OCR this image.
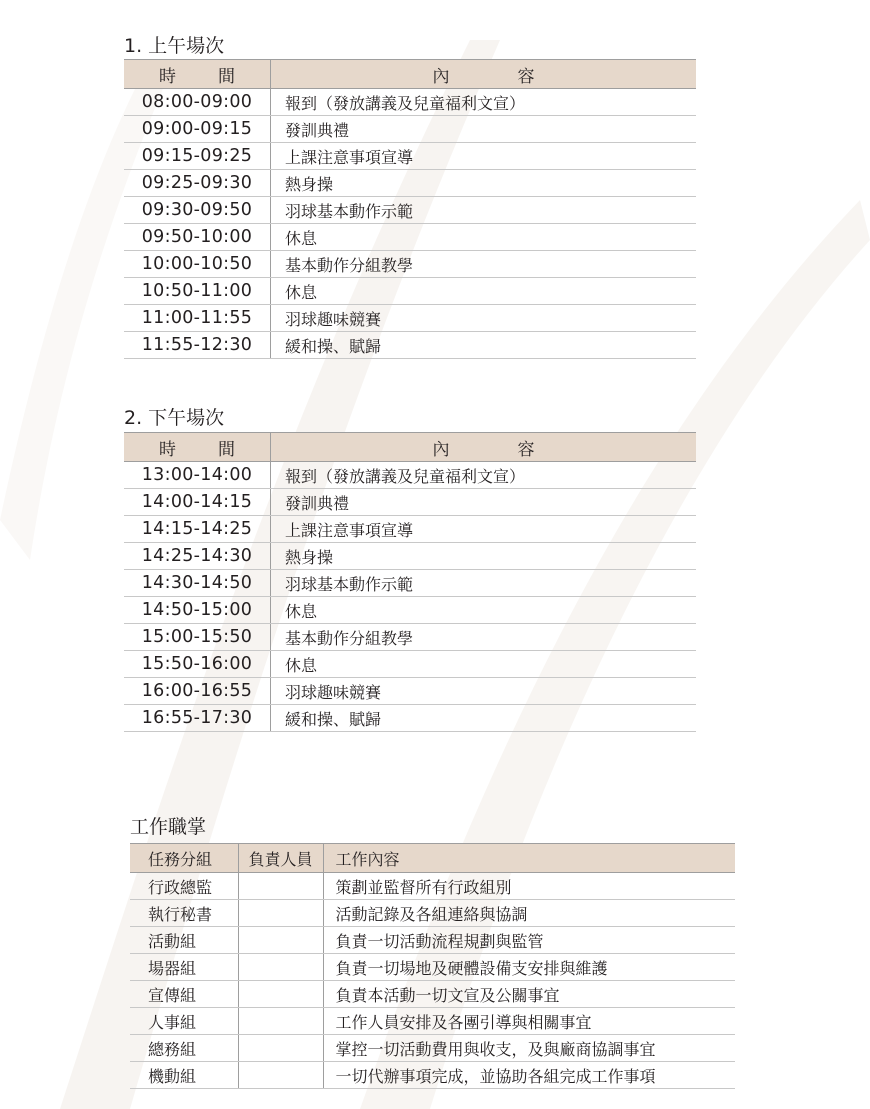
1. 上午場次
時 間	內 容

08:00-09:00	報到（發放講義及兒童福利文宣）
09:00-09:15	發訓典禮
09:15-09:25	上課注意事項宣導
09:25-09:30	熱身操
09:30-09:50	羽球基本動作示範
09:50-10:00	休息
10:00-10:50	基本動作分組教學
10:50-11:00	休息
11:00-11:55	羽球趣味競賽
11:55-12:30	緩和操、賦歸
2. 下午場次
時 間	內 容

13:00-14:00	報到（發放講義及兒童福利文宣）
14:00-14:15	發訓典禮
14:15-14:25	上課注意事項宣導
14:25-14:30	熱身操
14:30-14:50	羽球基本動作示範
14:50-15:00	休息
15:00-15:50	基本動作分組教學
15:50-16:00	休息
16:00-16:55	羽球趣味競賽
16:55-17:30	緩和操、賦歸
工作職掌
任務分組	負責人員	工作內容
行政總監		策劃並監督所有行政組別
執行秘書		活動記錄及各組連絡與協調
活動組		負責一切活動流程規劃與監管
場器組		負責一切場地及硬體設備支安排與維護
宣傳組		負責本活動一切文宣及公關事宜
人事組		工作人員安排及各團引導與相關事宜
總務組		掌控一切活動費用與收支，及與廠商協調事宜
機動組		一切代辦事項完成，並協助各組完成工作事項
